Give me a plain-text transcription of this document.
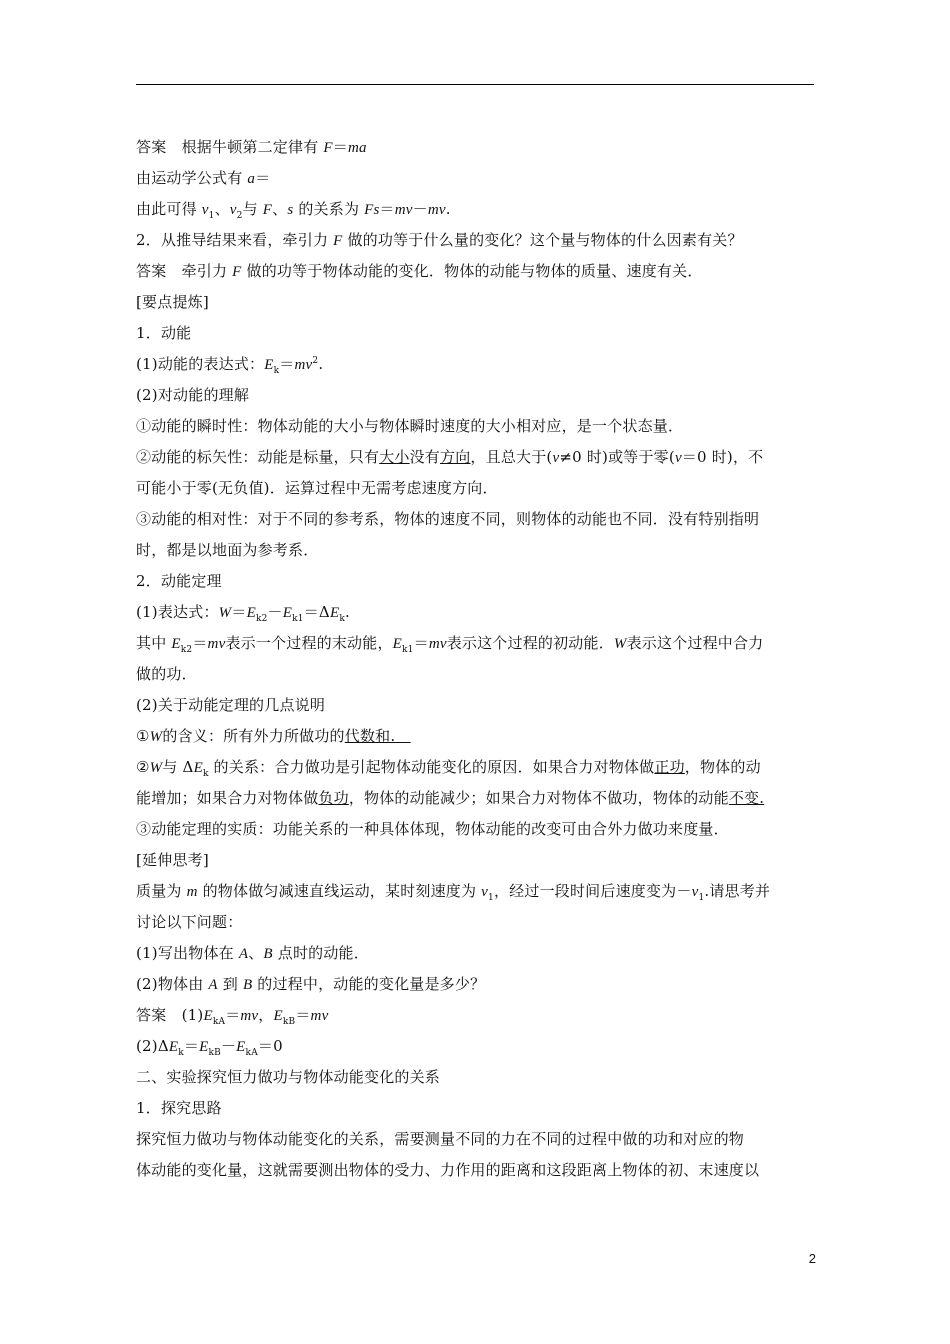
答案　根据牛顿第二定律有 F＝ma
由运动学公式有 a＝
由此可得 $v_1$、$v_2$与 F、s 的关系为 Fs＝mv－mv.
2．从推导结果来看，牵引力 F 做的功等于什么量的变化？这个量与物体的什么因素有关？
答案　牵引力 F 做的功等于物体动能的变化．物体的动能与物体的质量、速度有关．
[要点提炼]
1．动能
(1)动能的表达式：$E_k=mv^2$.
(2)对动能的理解
①动能的瞬时性：物体动能的大小与物体瞬时速度的大小相对应，是一个状态量．
②动能的标矢性：动能是标量，只有大小没有方向，且总大于(v≠0 时)或等于零(v＝0 时)，不
可能小于零(无负值)．运算过程中无需考虑速度方向．
③动能的相对性：对于不同的参考系，物体的速度不同，则物体的动能也不同．没有特别指明
时，都是以地面为参考系．
2．动能定理
(1)表达式：$W=E_{k2}-E_{k1}=\Delta E_k$.
其中 $E_{k2}=mv$表示一个过程的末动能，$E_{k1}=mv$表示这个过程的初动能．W表示这个过程中合力
做的功．
(2)关于动能定理的几点说明
①W的含义：所有外力所做功的代数和.　
②W与 $\Delta E_k$ 的关系：合力做功是引起物体动能变化的原因．如果合力对物体做正功，物体的动
能增加；如果合力对物体做负功，物体的动能减少；如果合力对物体不做功，物体的动能不变.
③动能定理的实质：功能关系的一种具体体现，物体动能的改变可由合外力做功来度量．
[延伸思考]
质量为 m 的物体做匀减速直线运动，某时刻速度为 $v_1$，经过一段时间后速度变为$-v_1$.请思考并
讨论以下问题：
(1)写出物体在 A、B 点时的动能．
(2)物体由 A 到 B 的过程中，动能的变化量是多少？
答案　$(1)E_{kA}=mv$，$E_{kB}=mv$
$(2)\Delta E_k=E_{kB}-E_{kA}=0$
二、实验探究恒力做功与物体动能变化的关系
1．探究思路
探究恒力做功与物体动能变化的关系，需要测量不同的力在不同的过程中做的功和对应的物
体动能的变化量，这就需要测出物体的受力、力作用的距离和这段距离上物体的初、末速度以
2
